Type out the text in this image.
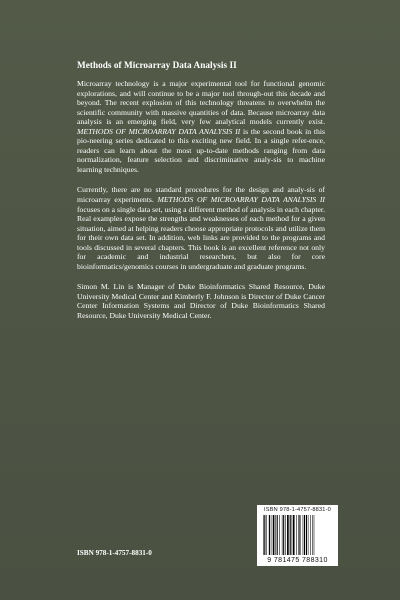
Methods of Microarray Data Analysis II

Microarray technology is a major experimental tool for functional genomic explorations, and will continue to be a major tool through-out this decade and beyond. The recent explosion of this technology threatens to overwhelm the scientific community with massive quantities of data. Because microarray data analysis is an emerging field, very few analytical models currently exist. METHODS OF MICROARRAY DATA ANALYSIS II is the second book in this pio-neering series dedicated to this exciting new field. In a single refer-ence, readers can learn about the most up-to-date methods ranging from data normalization, feature selection and discriminative analy-sis to machine learning techniques.

Currently, there are no standard procedures for the design and analy-sis of microarray experiments. METHODS OF MICROARRAY DATA ANALYSIS II focuses on a single data set, using a different method of analysis in each chapter. Real examples expose the strengths and weaknesses of each method for a given situation, aimed at helping readers choose appropriate protocols and utilize them for their own data set. In addition, web links are provided to the programs and tools discussed in several chapters. This book is an excellent reference not only for academic and industrial researchers, but also for core bioinformatics/genomics courses in undergraduate and graduate programs.

Simon M. Lin is Manager of Duke Bioinformatics Shared Resource, Duke University Medical Center and Kimberly F. Johnson is Director of Duke Cancer Center Information Systems and Director of Duke Bioinformatics Shared Resource, Duke University Medical Center.

ISBN 978-1-4757-8831-0
9 781475 788310
ISBN 978-1-4757-8831-0
